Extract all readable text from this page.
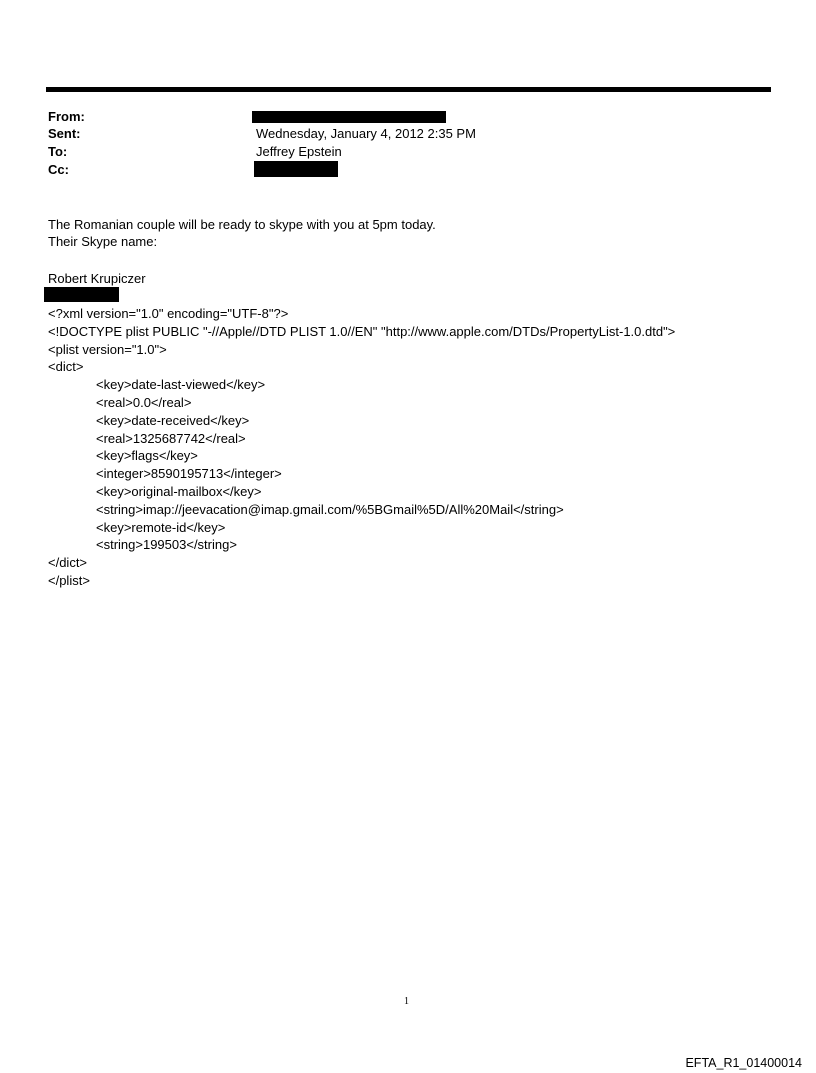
From:
Sent:	Wednesday, January 4, 2012 2:35 PM
To:	Jeffrey Epstein
Cc:
The Romanian couple will be ready to skype with you at 5pm today.
Their Skype name:
Robert Krupiczer
<?xml version="1.0" encoding="UTF-8"?>
<!DOCTYPE plist PUBLIC "-//Apple//DTD PLIST 1.0//EN" "http://www.apple.com/DTDs/PropertyList-1.0.dtd">
<plist version="1.0">
<dict>
<key>date-last-viewed</key>
<real>0.0</real>
<key>date-received</key>
<real>1325687742</real>
<key>flags</key>
<integer>8590195713</integer>
<key>original-mailbox</key>
<string>imap://jeevacation@imap.gmail.com/%5BGmail%5D/All%20Mail</string>
<key>remote-id</key>
<string>199503</string>
</dict>
</plist>
1
EFTA_R1_01400014
